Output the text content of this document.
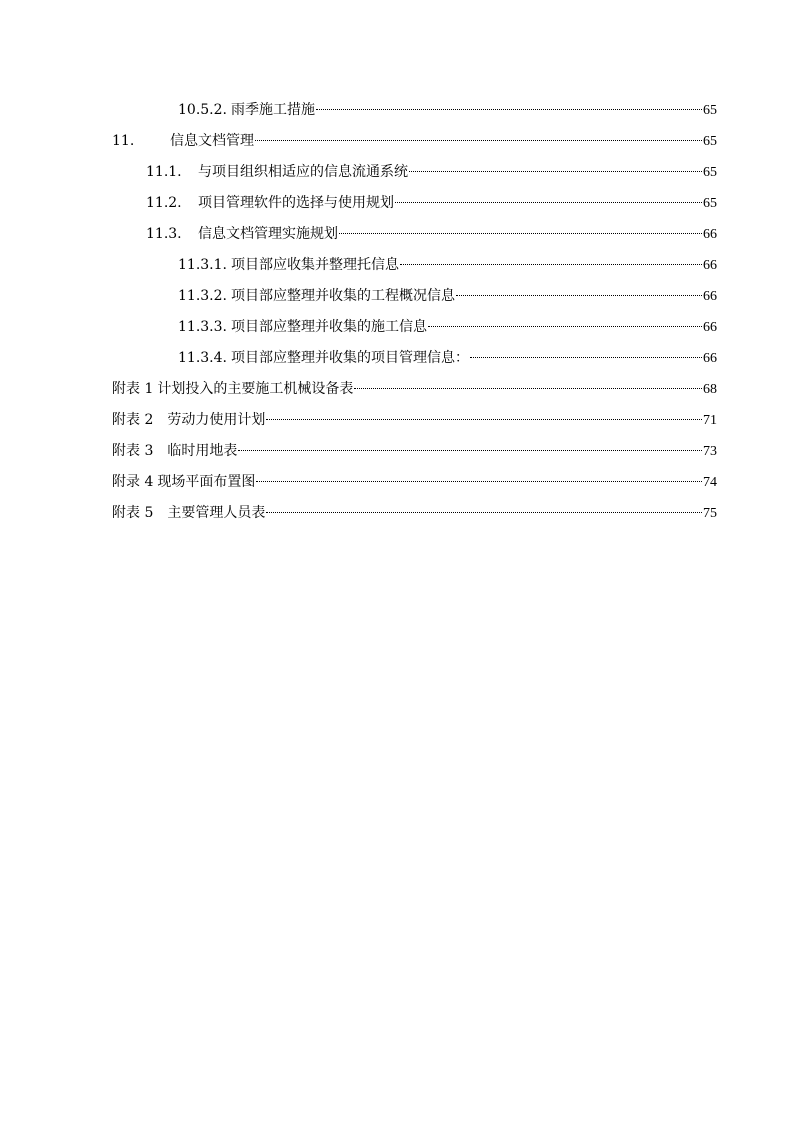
10.5.2. 雨季施工措施	65
11.	信息文档管理	65
11.1.	与项目组织相适应的信息流通系统	65
11.2.	项目管理软件的选择与使用规划	65
11.3.	信息文档管理实施规划	66
11.3.1. 项目部应收集并整理托信息	66
11.3.2. 项目部应整理并收集的工程概况信息	66
11.3.3. 项目部应整理并收集的施工信息	66
11.3.4. 项目部应整理并收集的项目管理信息：	66
附表 1 计划投入的主要施工机械设备表	68
附表 2 劳动力使用计划	71
附表 3 临时用地表	73
附录 4 现场平面布置图	74
附表 5 主要管理人员表	75
